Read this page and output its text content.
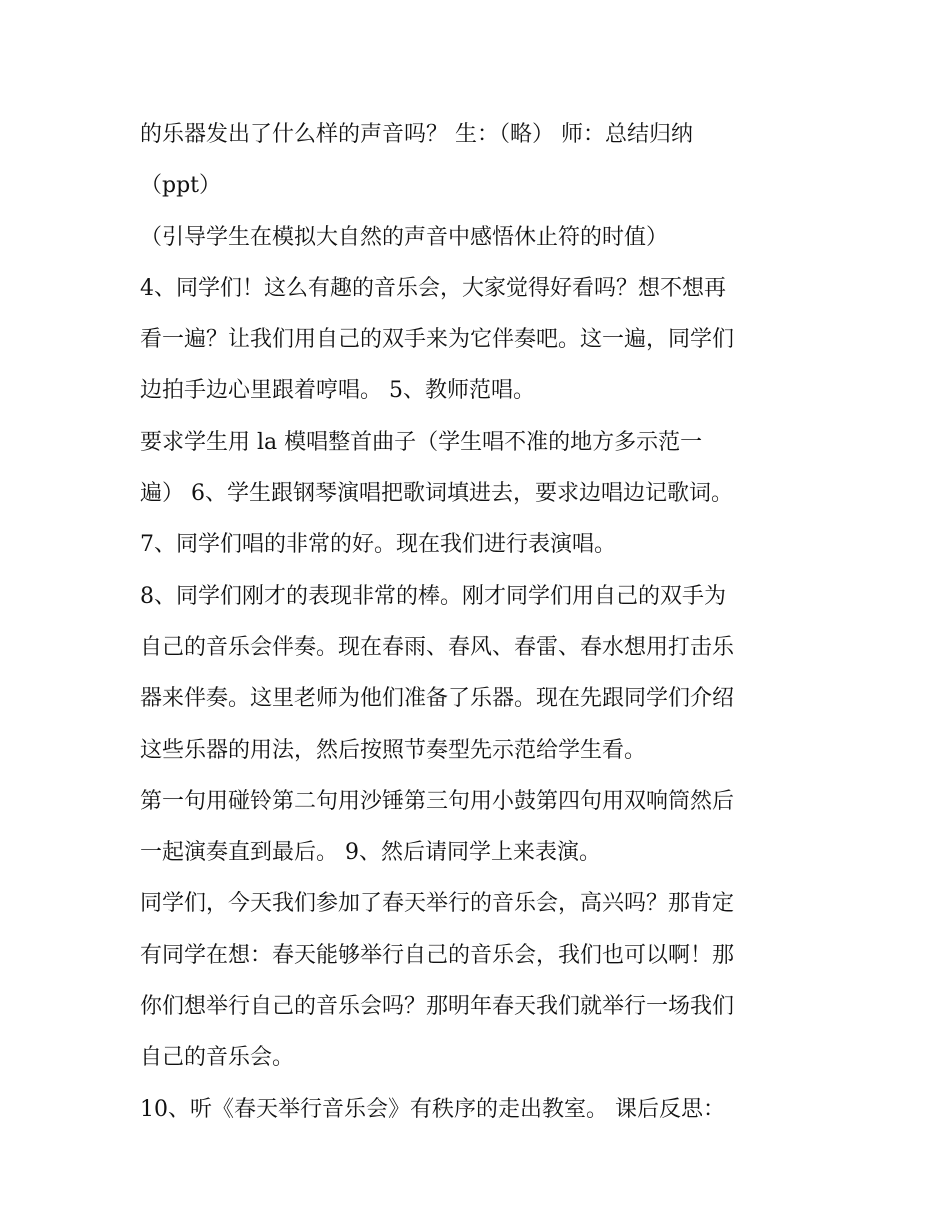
的乐器发出了什么样的声音吗？ 生：（略） 师：总结归纳
（ppt）
（引导学生在模拟大自然的声音中感悟休止符的时值）
4、同学们！这么有趣的音乐会，大家觉得好看吗？想不想再
看一遍？让我们用自己的双手来为它伴奏吧。这一遍，同学们
边拍手边心里跟着哼唱。 5、教师范唱。
要求学生用 la 模唱整首曲子（学生唱不准的地方多示范一
遍） 6、学生跟钢琴演唱把歌词填进去，要求边唱边记歌词。
7、同学们唱的非常的好。现在我们进行表演唱。
8、同学们刚才的表现非常的棒。刚才同学们用自己的双手为
自己的音乐会伴奏。现在春雨、春风、春雷、春水想用打击乐
器来伴奏。这里老师为他们准备了乐器。现在先跟同学们介绍
这些乐器的用法，然后按照节奏型先示范给学生看。
第一句用碰铃第二句用沙锤第三句用小鼓第四句用双响筒然后
一起演奏直到最后。 9、然后请同学上来表演。
同学们，今天我们参加了春天举行的音乐会，高兴吗？那肯定
有同学在想：春天能够举行自己的音乐会，我们也可以啊！那
你们想举行自己的音乐会吗？那明年春天我们就举行一场我们
自己的音乐会。
10、听《春天举行音乐会》有秩序的走出教室。 课后反思：
